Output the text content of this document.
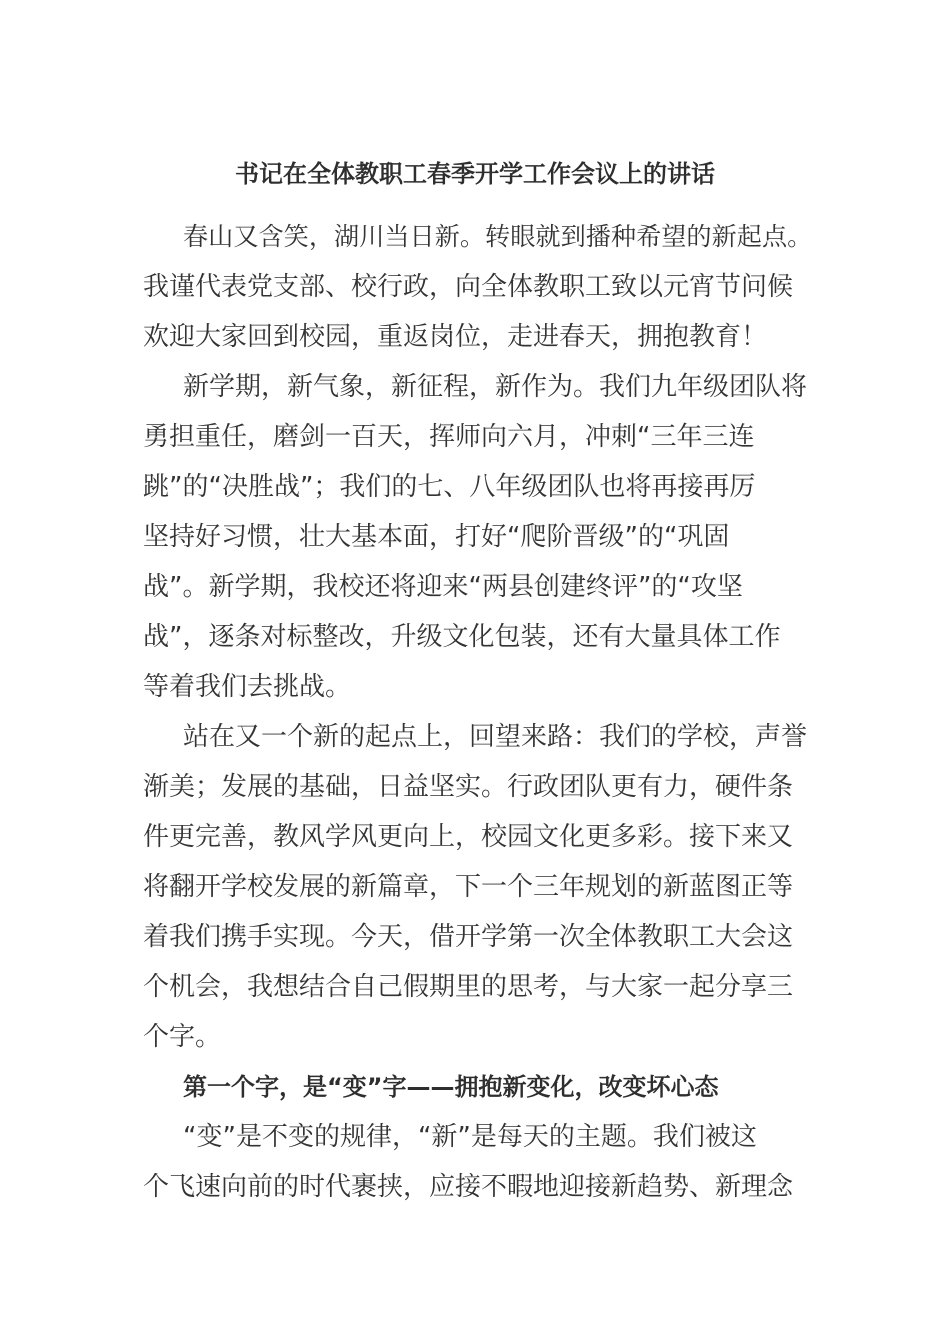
书记在全体教职工春季开学工作会议上的讲话
春山又含笑，湖川当日新。转眼就到播种希望的新起点。
我谨代表党支部、校行政，向全体教职工致以元宵节问候
欢迎大家回到校园，重返岗位，走进春天，拥抱教育！
新学期，新气象，新征程，新作为。我们九年级团队将
勇担重任，磨剑一百天，挥师向六月，冲刺“三年三连
跳”的“决胜战”；我们的七、八年级团队也将再接再厉
坚持好习惯，壮大基本面，打好“爬阶晋级”的“巩固
战”。新学期，我校还将迎来“两县创建终评”的“攻坚
战”，逐条对标整改，升级文化包装，还有大量具体工作
等着我们去挑战。
站在又一个新的起点上，回望来路：我们的学校，声誉
渐美；发展的基础，日益坚实。行政团队更有力，硬件条
件更完善，教风学风更向上，校园文化更多彩。接下来又
将翻开学校发展的新篇章，下一个三年规划的新蓝图正等
着我们携手实现。今天，借开学第一次全体教职工大会这
个机会，我想结合自己假期里的思考，与大家一起分享三
个字。
第一个字，是“变”字——拥抱新变化，改变坏心态
“变”是不变的规律，“新”是每天的主题。我们被这
个飞速向前的时代裹挟，应接不暇地迎接新趋势、新理念
